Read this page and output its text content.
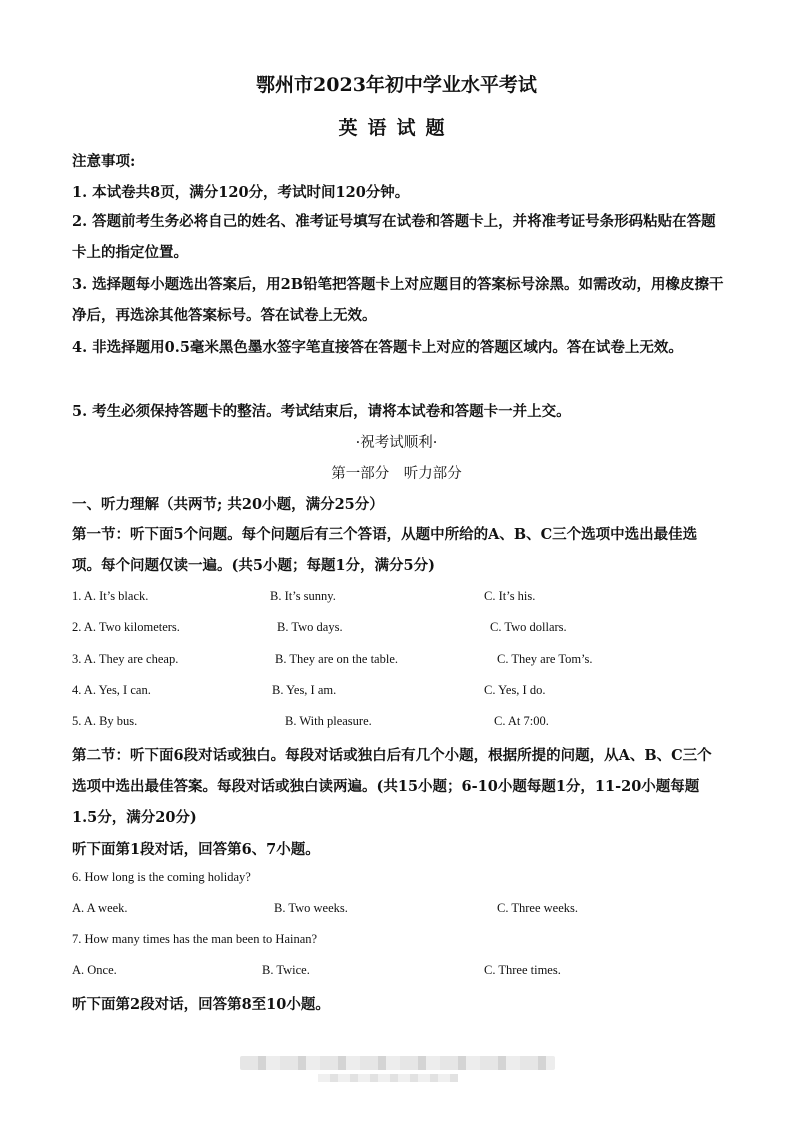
鄂州市2023年初中学业水平考试
英语试题
注意事项:
1. 本试卷共8页，满分120分，考试时间120分钟。
2. 答题前考生务必将自己的姓名、准考证号填写在试卷和答题卡上，并将准考证号条形码粘贴在答题卡上的指定位置。
3. 选择题每小题选出答案后，用2B铅笔把答题卡上对应题目的答案标号涂黑。如需改动，用橡皮擦干净后，再选涂其他答案标号。答在试卷上无效。
4. 非选择题用0.5毫米黑色墨水签字笔直接答在答题卡上对应的答题区域内。答在试卷上无效。
5. 考生必须保持答题卡的整洁。考试结束后，请将本试卷和答题卡一并上交。
·祝考试顺利·
第一部分　听力部分
一、听力理解（共两节; 共20小题，满分25分）
第一节：听下面5个问题。每个问题后有三个答语，从题中所给的A、B、C三个选项中选出最佳选项。每个问题仅读一遍。(共5小题；每题1分，满分5分)
1. A. It’s black.	B. It’s sunny.	C. It’s his.
2. A. Two kilometers.	B. Two days.	C. Two dollars.
3. A. They are cheap.	B. They are on the table.	C. They are Tom’s.
4. A. Yes, I can.	B. Yes, I am.	C. Yes, I do.
5. A. By bus.	B. With pleasure.	C. At 7:00.
第二节：听下面6段对话或独白。每段对话或独白后有几个小题，根据所提的问题，从A、B、C三个选项中选出最佳答案。每段对话或独白读两遍。(共15小题；6-10小题每题1分，11-20小题每题1.5分，满分20分)
听下面第1段对话，回答第6、7小题。
6. How long is the coming holiday?
A. A week.	B. Two weeks.	C. Three weeks.
7. How many times has the man been to Hainan?
A. Once.	B. Twice.	C. Three times.
听下面第2段对话，回答第8至10小题。
